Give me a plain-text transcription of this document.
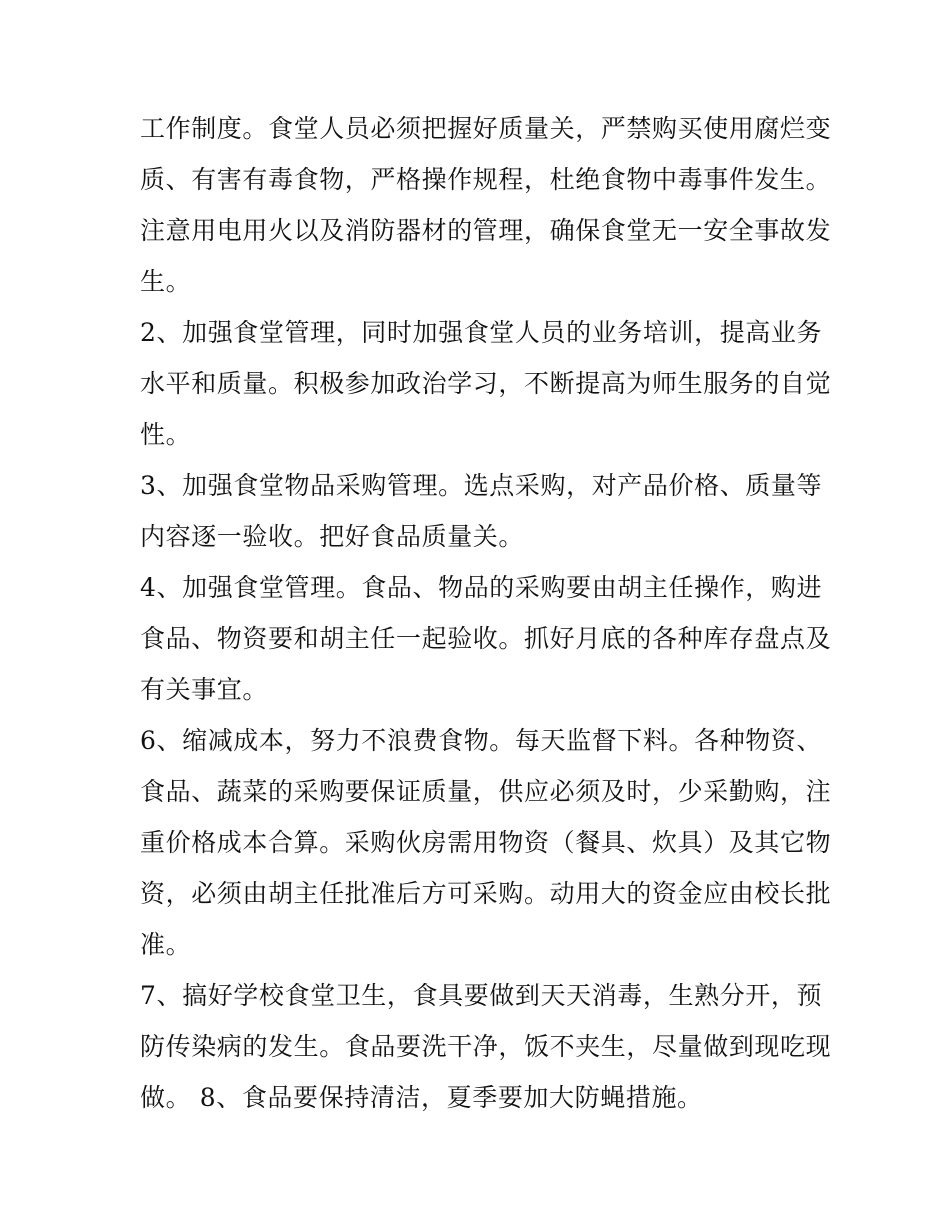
工作制度。食堂人员必须把握好质量关，严禁购买使用腐烂变
质、有害有毒食物，严格操作规程，杜绝食物中毒事件发生。
注意用电用火以及消防器材的管理，确保食堂无一安全事故发
生。
2、加强食堂管理，同时加强食堂人员的业务培训，提高业务
水平和质量。积极参加政治学习，不断提高为师生服务的自觉
性。
3、加强食堂物品采购管理。选点采购，对产品价格、质量等
内容逐一验收。把好食品质量关。
4、加强食堂管理。食品、物品的采购要由胡主任操作，购进
食品、物资要和胡主任一起验收。抓好月底的各种库存盘点及
有关事宜。
6、缩减成本，努力不浪费食物。每天监督下料。各种物资、
食品、蔬菜的采购要保证质量，供应必须及时，少采勤购，注
重价格成本合算。采购伙房需用物资（餐具、炊具）及其它物
资，必须由胡主任批准后方可采购。动用大的资金应由校长批
准。
7、搞好学校食堂卫生，食具要做到天天消毒，生熟分开，预
防传染病的发生。食品要洗干净，饭不夹生，尽量做到现吃现
做。 8、食品要保持清洁，夏季要加大防蝇措施。
